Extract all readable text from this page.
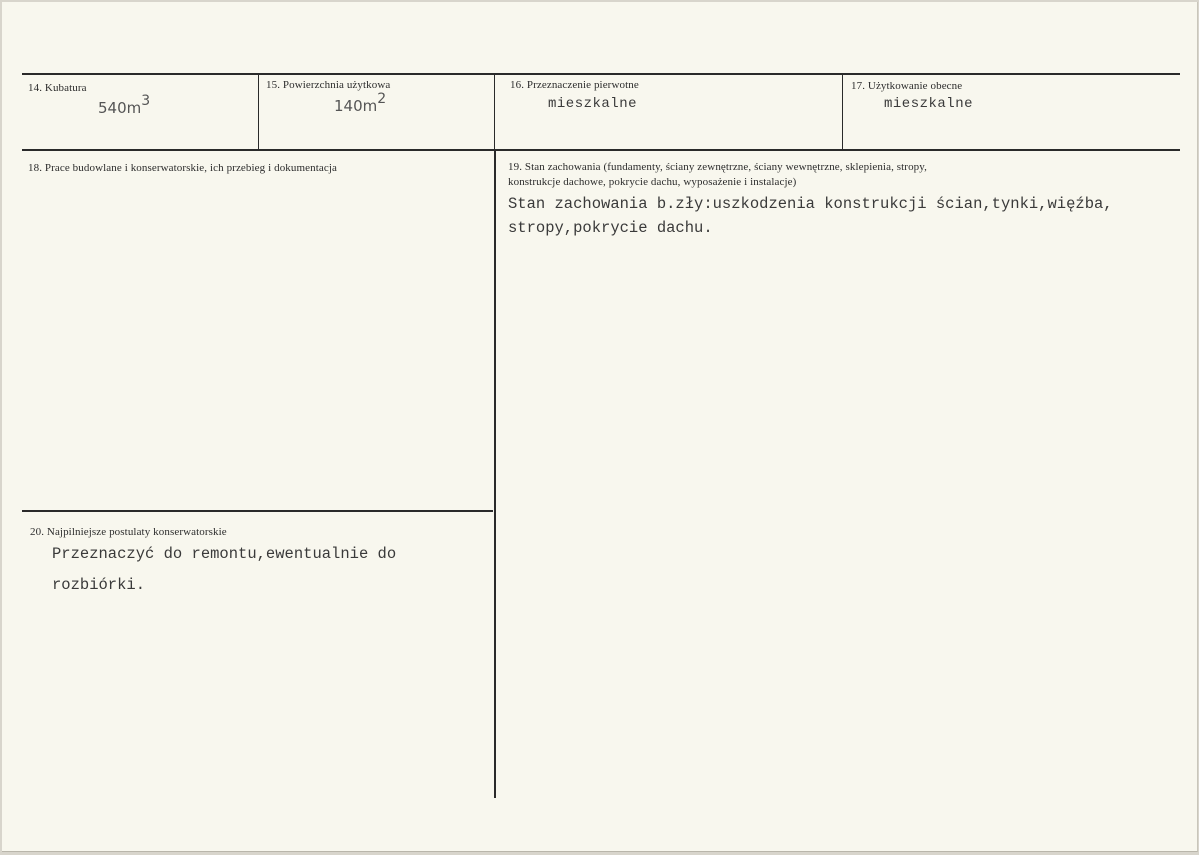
14. Kubatura
$540m^3$
15. Powierzchnia użytkowa
$140m^2$
16. Przeznaczenie pierwotne
mieszkalne
17. Użytkowanie obecne
mieszkalne
18. Prace budowlane i konserwatorskie, ich przebieg i dokumentacja	19. Stan zachowania (fundamenty, ściany zewnętrzne, ściany wewnętrzne, sklepienia, stropy,
konstrukcje dachowe, pokrycie dachu, wyposażenie i instalacje)
Stan zachowania b.zły:uszkodzenia konstrukcji ścian,tynki,więźba,
stropy,pokrycie dachu.
20. Najpilniejsze postulaty konserwatorskie
Przeznaczyć do remontu,ewentualnie do
rozbiórki.
